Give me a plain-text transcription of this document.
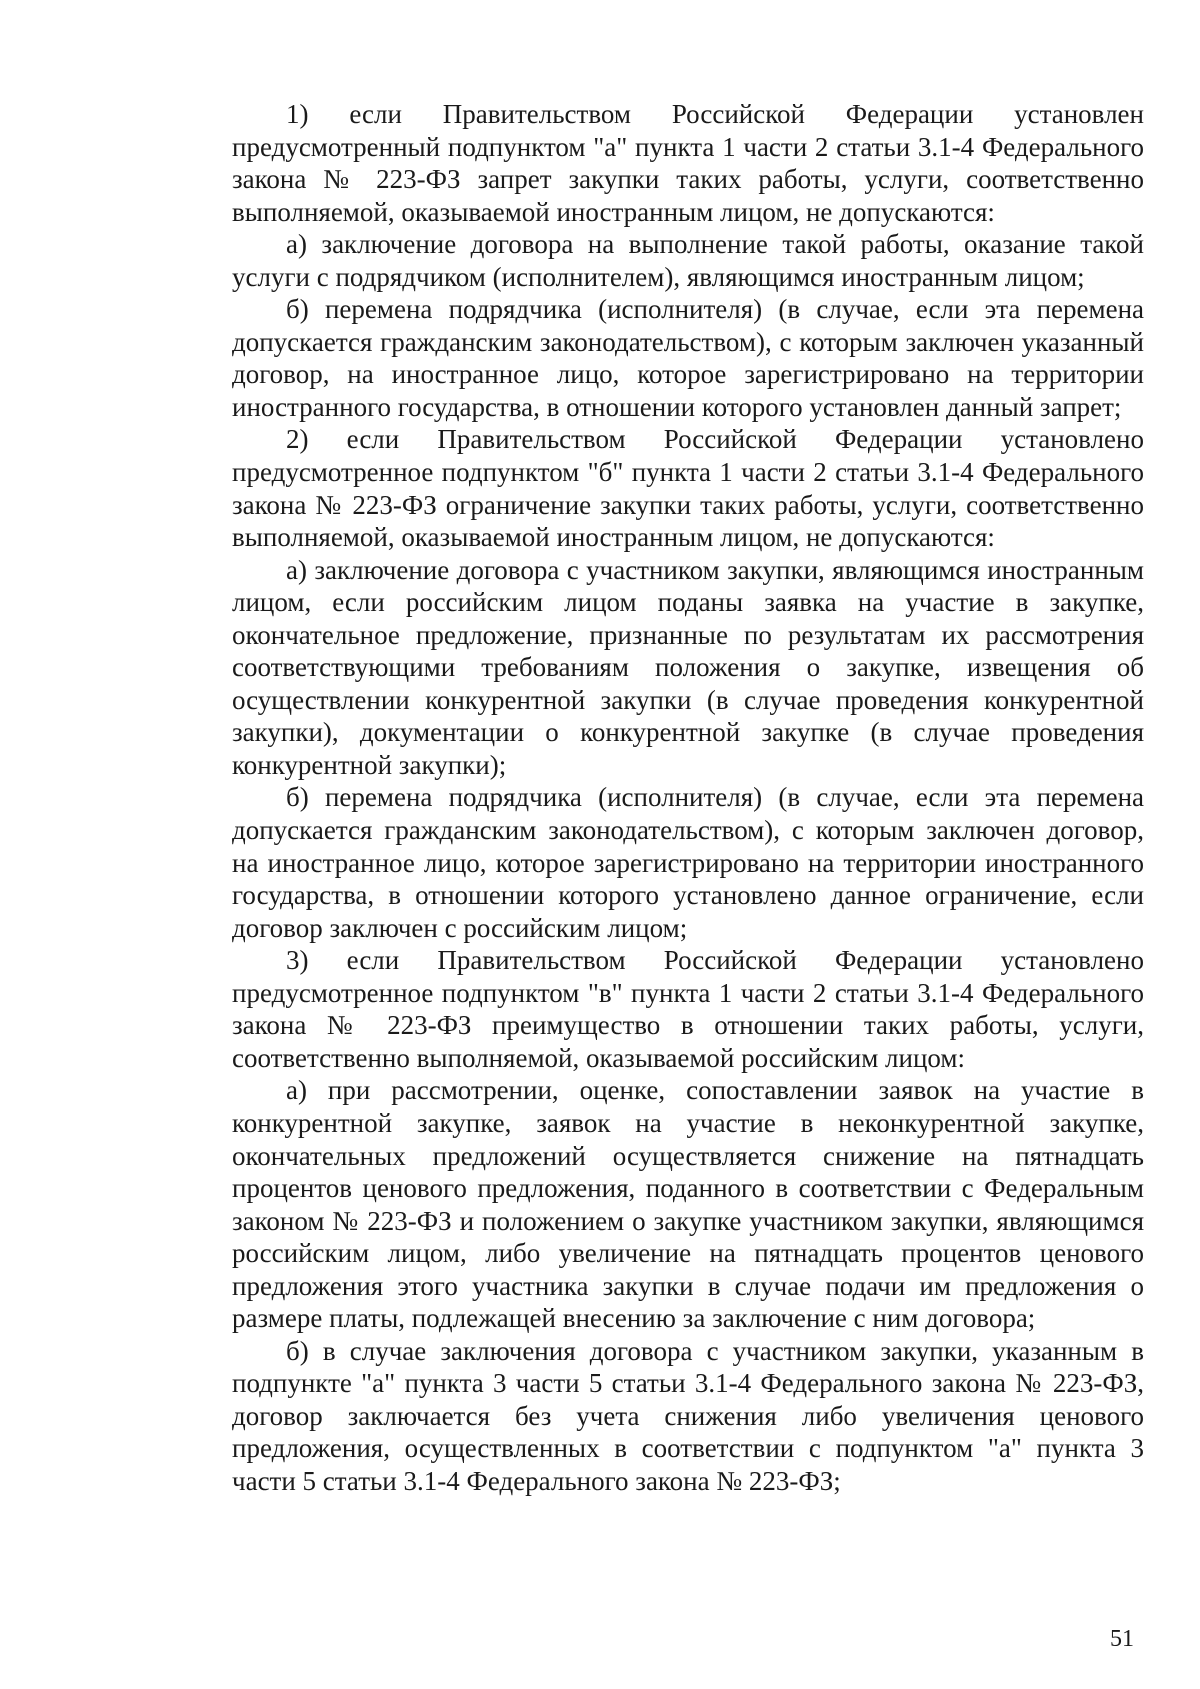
1) если Правительством Российской Федерации установлен предусмотренный подпунктом "а" пункта 1 части 2 статьи 3.1-4 Федерального закона № 223-ФЗ запрет закупки таких работы, услуги, соответственно выполняемой, оказываемой иностранным лицом, не допускаются:

а) заключение договора на выполнение такой работы, оказание такой услуги с подрядчиком (исполнителем), являющимся иностранным лицом;

б) перемена подрядчика (исполнителя) (в случае, если эта перемена допускается гражданским законодательством), с которым заключен указанный договор, на иностранное лицо, которое зарегистрировано на территории иностранного государства, в отношении которого установлен данный запрет;

2) если Правительством Российской Федерации установлено предусмотренное подпунктом "б" пункта 1 части 2 статьи 3.1-4 Федерального закона № 223-ФЗ ограничение закупки таких работы, услуги, соответственно выполняемой, оказываемой иностранным лицом, не допускаются:

а) заключение договора с участником закупки, являющимся иностранным лицом, если российским лицом поданы заявка на участие в закупке, окончательное предложение, признанные по результатам их рассмотрения соответствующими требованиям положения о закупке, извещения об осуществлении конкурентной закупки (в случае проведения конкурентной закупки), документации о конкурентной закупке (в случае проведения конкурентной закупки);

б) перемена подрядчика (исполнителя) (в случае, если эта перемена допускается гражданским законодательством), с которым заключен договор, на иностранное лицо, которое зарегистрировано на территории иностранного государства, в отношении которого установлено данное ограничение, если договор заключен с российским лицом;

3) если Правительством Российской Федерации установлено предусмотренное подпунктом "в" пункта 1 части 2 статьи 3.1-4 Федерального закона № 223-ФЗ преимущество в отношении таких работы, услуги, соответственно выполняемой, оказываемой российским лицом:

а) при рассмотрении, оценке, сопоставлении заявок на участие в конкурентной закупке, заявок на участие в неконкурентной закупке, окончательных предложений осуществляется снижение на пятнадцать процентов ценового предложения, поданного в соответствии с Федеральным законом № 223-ФЗ и положением о закупке участником закупки, являющимся российским лицом, либо увеличение на пятнадцать процентов ценового предложения этого участника закупки в случае подачи им предложения о размере платы, подлежащей внесению за заключение с ним договора;

б) в случае заключения договора с участником закупки, указанным в подпункте "а" пункта 3 части 5 статьи 3.1-4 Федерального закона № 223-ФЗ, договор заключается без учета снижения либо увеличения ценового предложения, осуществленных в соответствии с подпунктом "а" пункта 3 части 5 статьи 3.1-4 Федерального закона № 223-ФЗ;

51
